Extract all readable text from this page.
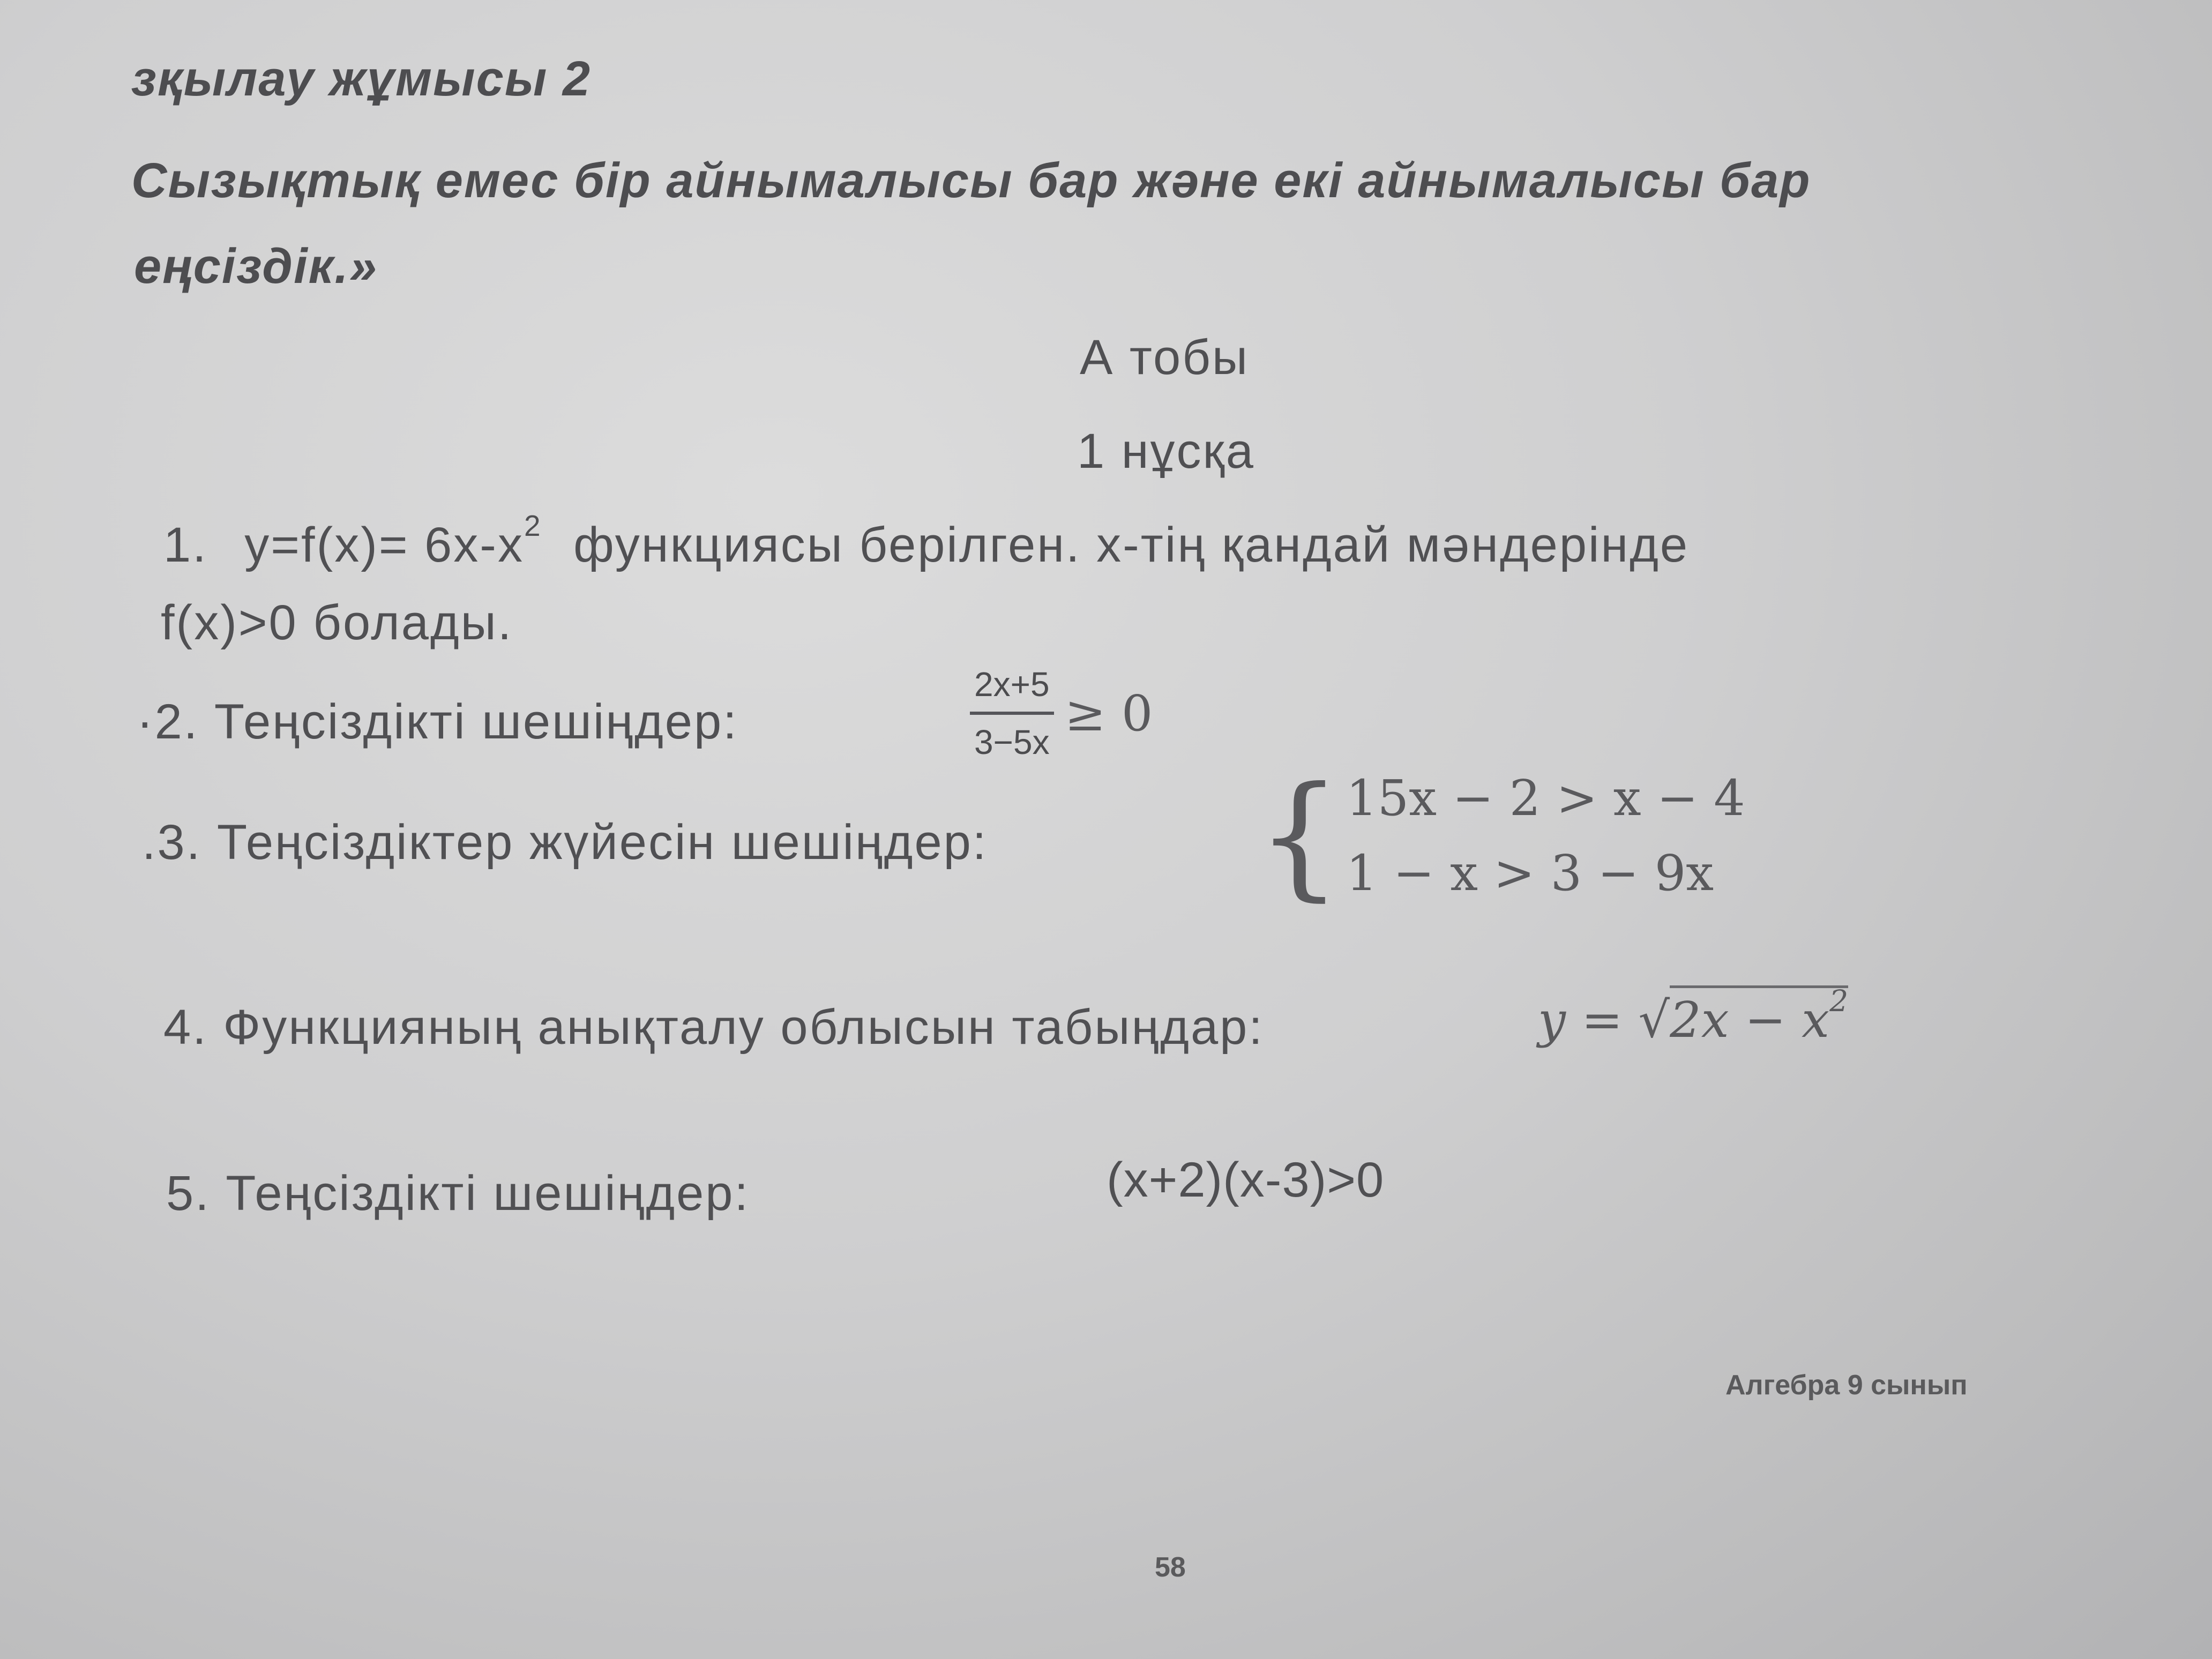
зқылау жұмысы 2
Сызықтық емес бір айнымалысы бар және екі айнымалысы бар
еңсіздік.»
А тобы
1 нұсқа
1. $y=f(x)= 6x-x^2$ функциясы берілген. х-тің қандай мәндерінде
f(x)>0 болады.
·2. Теңсіздікті шешіңдер:
2x+5
3−5x
≥ 0
.3. Теңсіздіктер жүйесін шешіңдер: { 15x − 2 > x − 4
1 − x > 3 − 9x
4. Функцияның анықталу облысын табыңдар:	$y = √2x - x^2$
5. Теңсіздікті шешіңдер:	(x+2)(x-3)>0
Алгебра 9 сынып
58
